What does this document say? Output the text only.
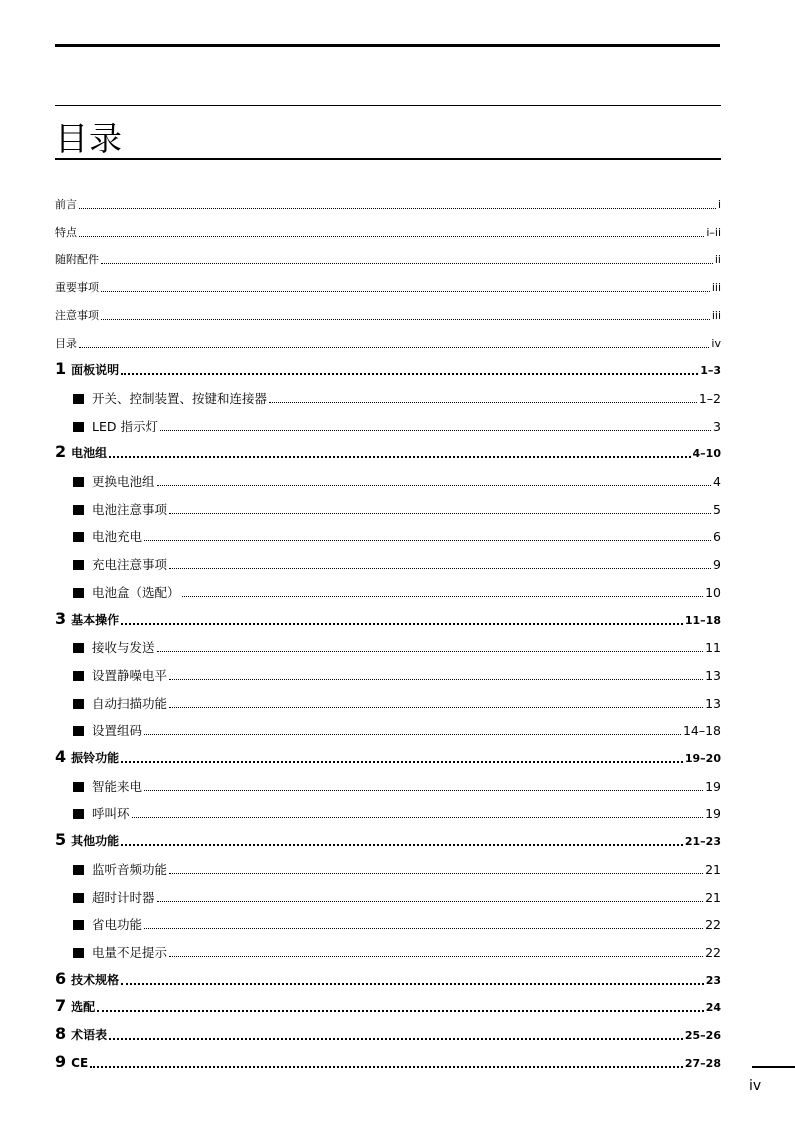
目录
前言	i
特点	i–ii
随附配件	ii
重要事项	iii
注意事项	iii
目录	iv
1 面板说明	1–3
开关、控制装置、按键和连接器	1–2
LED 指示灯	3
2 电池组	4–10
更换电池组	4
电池注意事项	5
电池充电	6
充电注意事项	9
电池盒（选配）	10
3 基本操作	11–18
接收与发送	11
设置静噪电平	13
自动扫描功能	13
设置组码	14–18
4 振铃功能	19–20
智能来电	19
呼叫环	19
5 其他功能	21–23
监听音频功能	21
超时计时器	21
省电功能	22
电量不足提示	22
6 技术规格	23
7 选配	24
8 术语表	25–26
9 CE	27–28
iv
